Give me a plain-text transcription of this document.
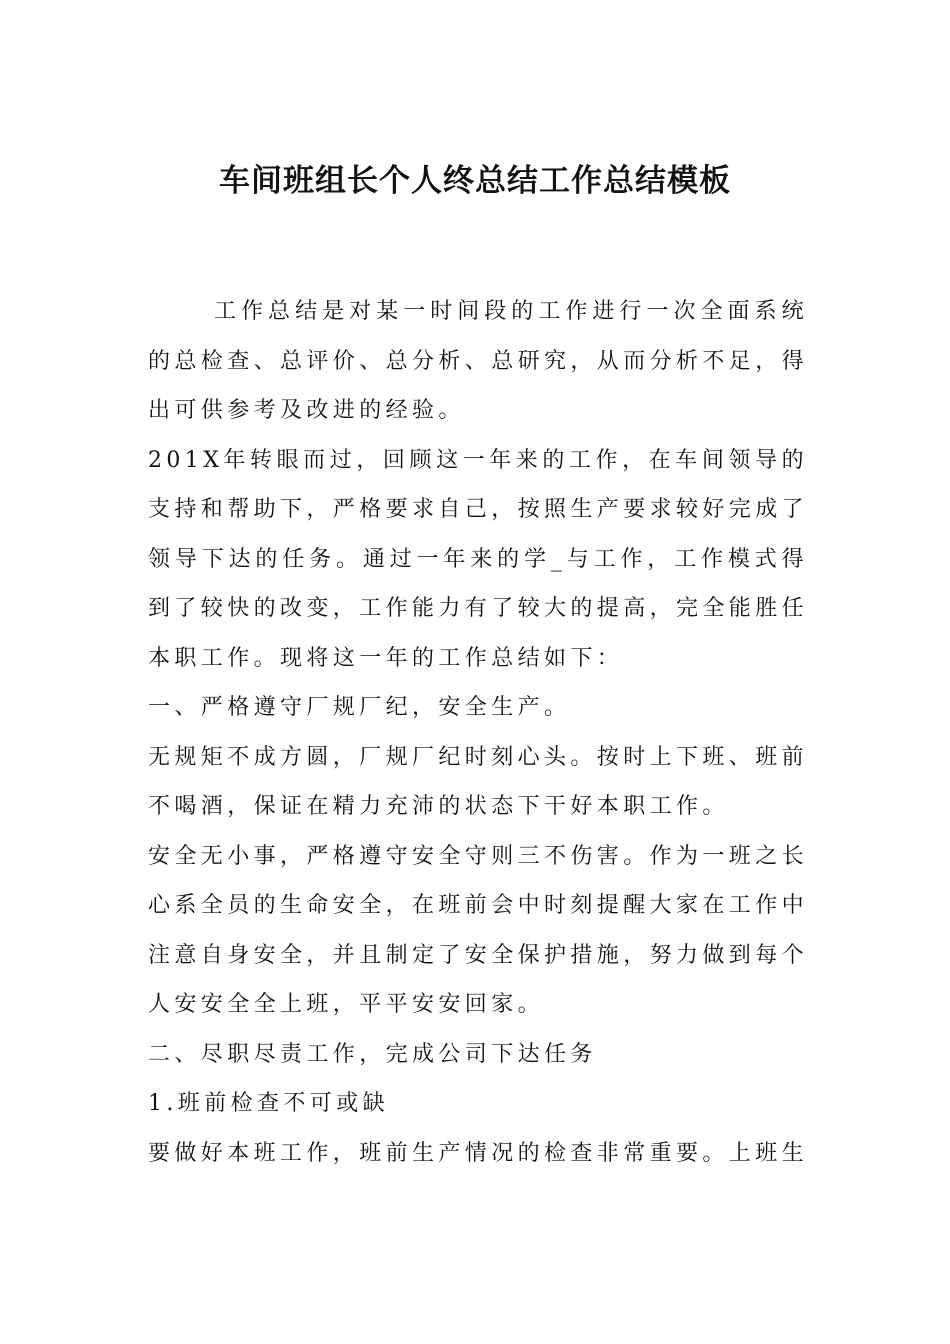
车间班组长个人终总结工作总结模板

工作总结是对某一时间段的工作进行一次全面系统的总检查、总评价、总分析、总研究，从而分析不足，得出可供参考及改进的经验。

201X年转眼而过，回顾这一年来的工作，在车间领导的支持和帮助下，严格要求自己，按照生产要求较好完成了领导下达的任务。通过一年来的学_与工作，工作模式得到了较快的改变，工作能力有了较大的提高，完全能胜任本职工作。现将这一年的工作总结如下：

一、严格遵守厂规厂纪，安全生产。

无规矩不成方圆，厂规厂纪时刻心头。按时上下班、班前不喝酒，保证在精力充沛的状态下干好本职工作。

安全无小事，严格遵守安全守则三不伤害。作为一班之长心系全员的生命安全，在班前会中时刻提醒大家在工作中注意自身安全，并且制定了安全保护措施，努力做到每个人安安全全上班，平平安安回家。

二、尽职尽责工作，完成公司下达任务

1.班前检查不可或缺

要做好本班工作，班前生产情况的检查非常重要。上班生
